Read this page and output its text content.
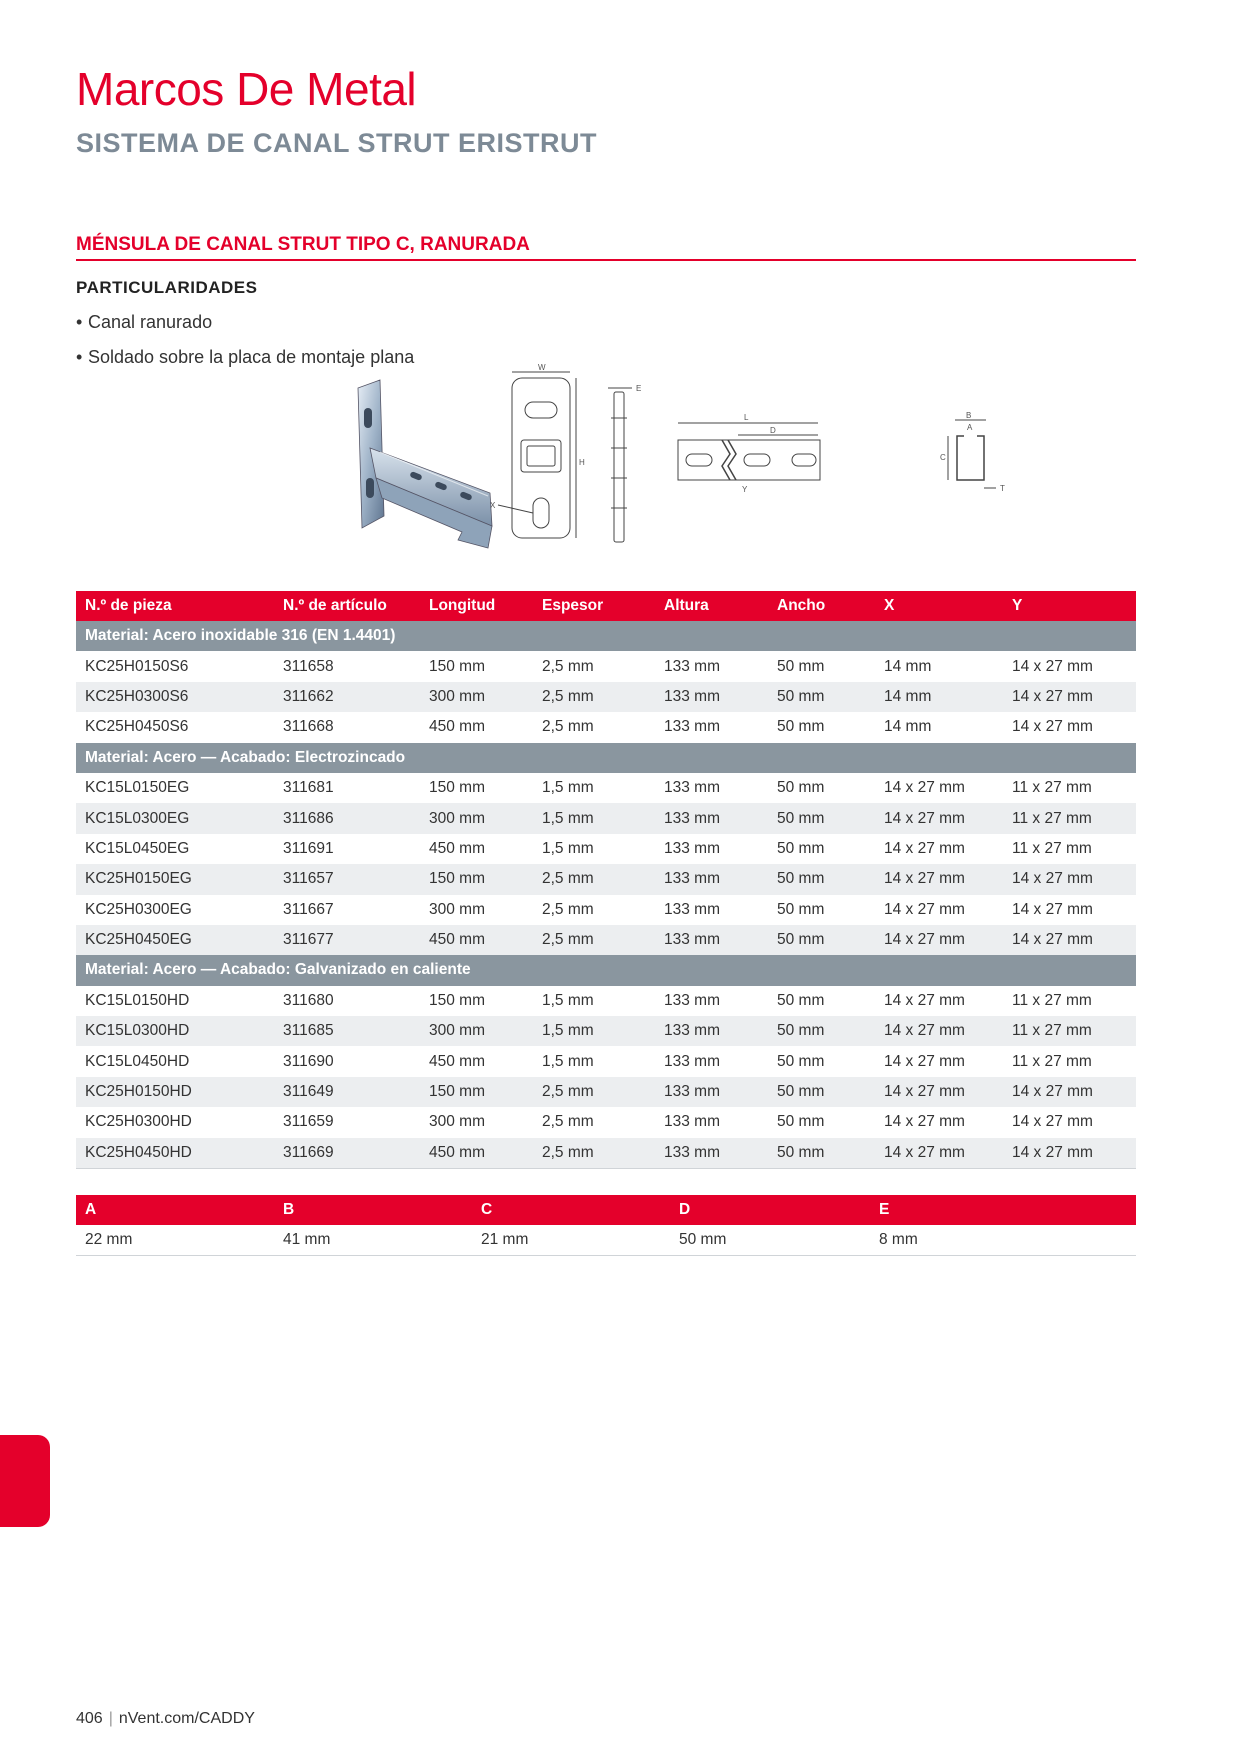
Marcos De Metal
SISTEMA DE CANAL STRUT ERISTRUT
MÉNSULA DE CANAL STRUT TIPO C, RANURADA
PARTICULARIDADES
• Canal ranurado
• Soldado sobre la placa de montaje plana
W
H
X
E
L
D
Y
B
A
C
T
N.º de pieza	N.º de artículo	Longitud	Espesor	Altura	Ancho	X	Y
Material: Acero inoxidable 316 (EN 1.4401)							
KC25H0150S6	311658	150 mm	2,5 mm	133 mm	50 mm	14 mm	14 x 27 mm
KC25H0300S6	311662	300 mm	2,5 mm	133 mm	50 mm	14 mm	14 x 27 mm
KC25H0450S6	311668	450 mm	2,5 mm	133 mm	50 mm	14 mm	14 x 27 mm
Material: Acero — Acabado: Electrozincado							
KC15L0150EG	311681	150 mm	1,5 mm	133 mm	50 mm	14 x 27 mm	11 x 27 mm
KC15L0300EG	311686	300 mm	1,5 mm	133 mm	50 mm	14 x 27 mm	11 x 27 mm
KC15L0450EG	311691	450 mm	1,5 mm	133 mm	50 mm	14 x 27 mm	11 x 27 mm
KC25H0150EG	311657	150 mm	2,5 mm	133 mm	50 mm	14 x 27 mm	14 x 27 mm
KC25H0300EG	311667	300 mm	2,5 mm	133 mm	50 mm	14 x 27 mm	14 x 27 mm
KC25H0450EG	311677	450 mm	2,5 mm	133 mm	50 mm	14 x 27 mm	14 x 27 mm
Material: Acero — Acabado: Galvanizado en caliente							
KC15L0150HD	311680	150 mm	1,5 mm	133 mm	50 mm	14 x 27 mm	11 x 27 mm
KC15L0300HD	311685	300 mm	1,5 mm	133 mm	50 mm	14 x 27 mm	11 x 27 mm
KC15L0450HD	311690	450 mm	1,5 mm	133 mm	50 mm	14 x 27 mm	11 x 27 mm
KC25H0150HD	311649	150 mm	2,5 mm	133 mm	50 mm	14 x 27 mm	14 x 27 mm
KC25H0300HD	311659	300 mm	2,5 mm	133 mm	50 mm	14 x 27 mm	14 x 27 mm
KC25H0450HD	311669	450 mm	2,5 mm	133 mm	50 mm	14 x 27 mm	14 x 27 mm
A	B	C	D	E
22 mm	41 mm	21 mm	50 mm	8 mm
406 | nVent.com/CADDY
